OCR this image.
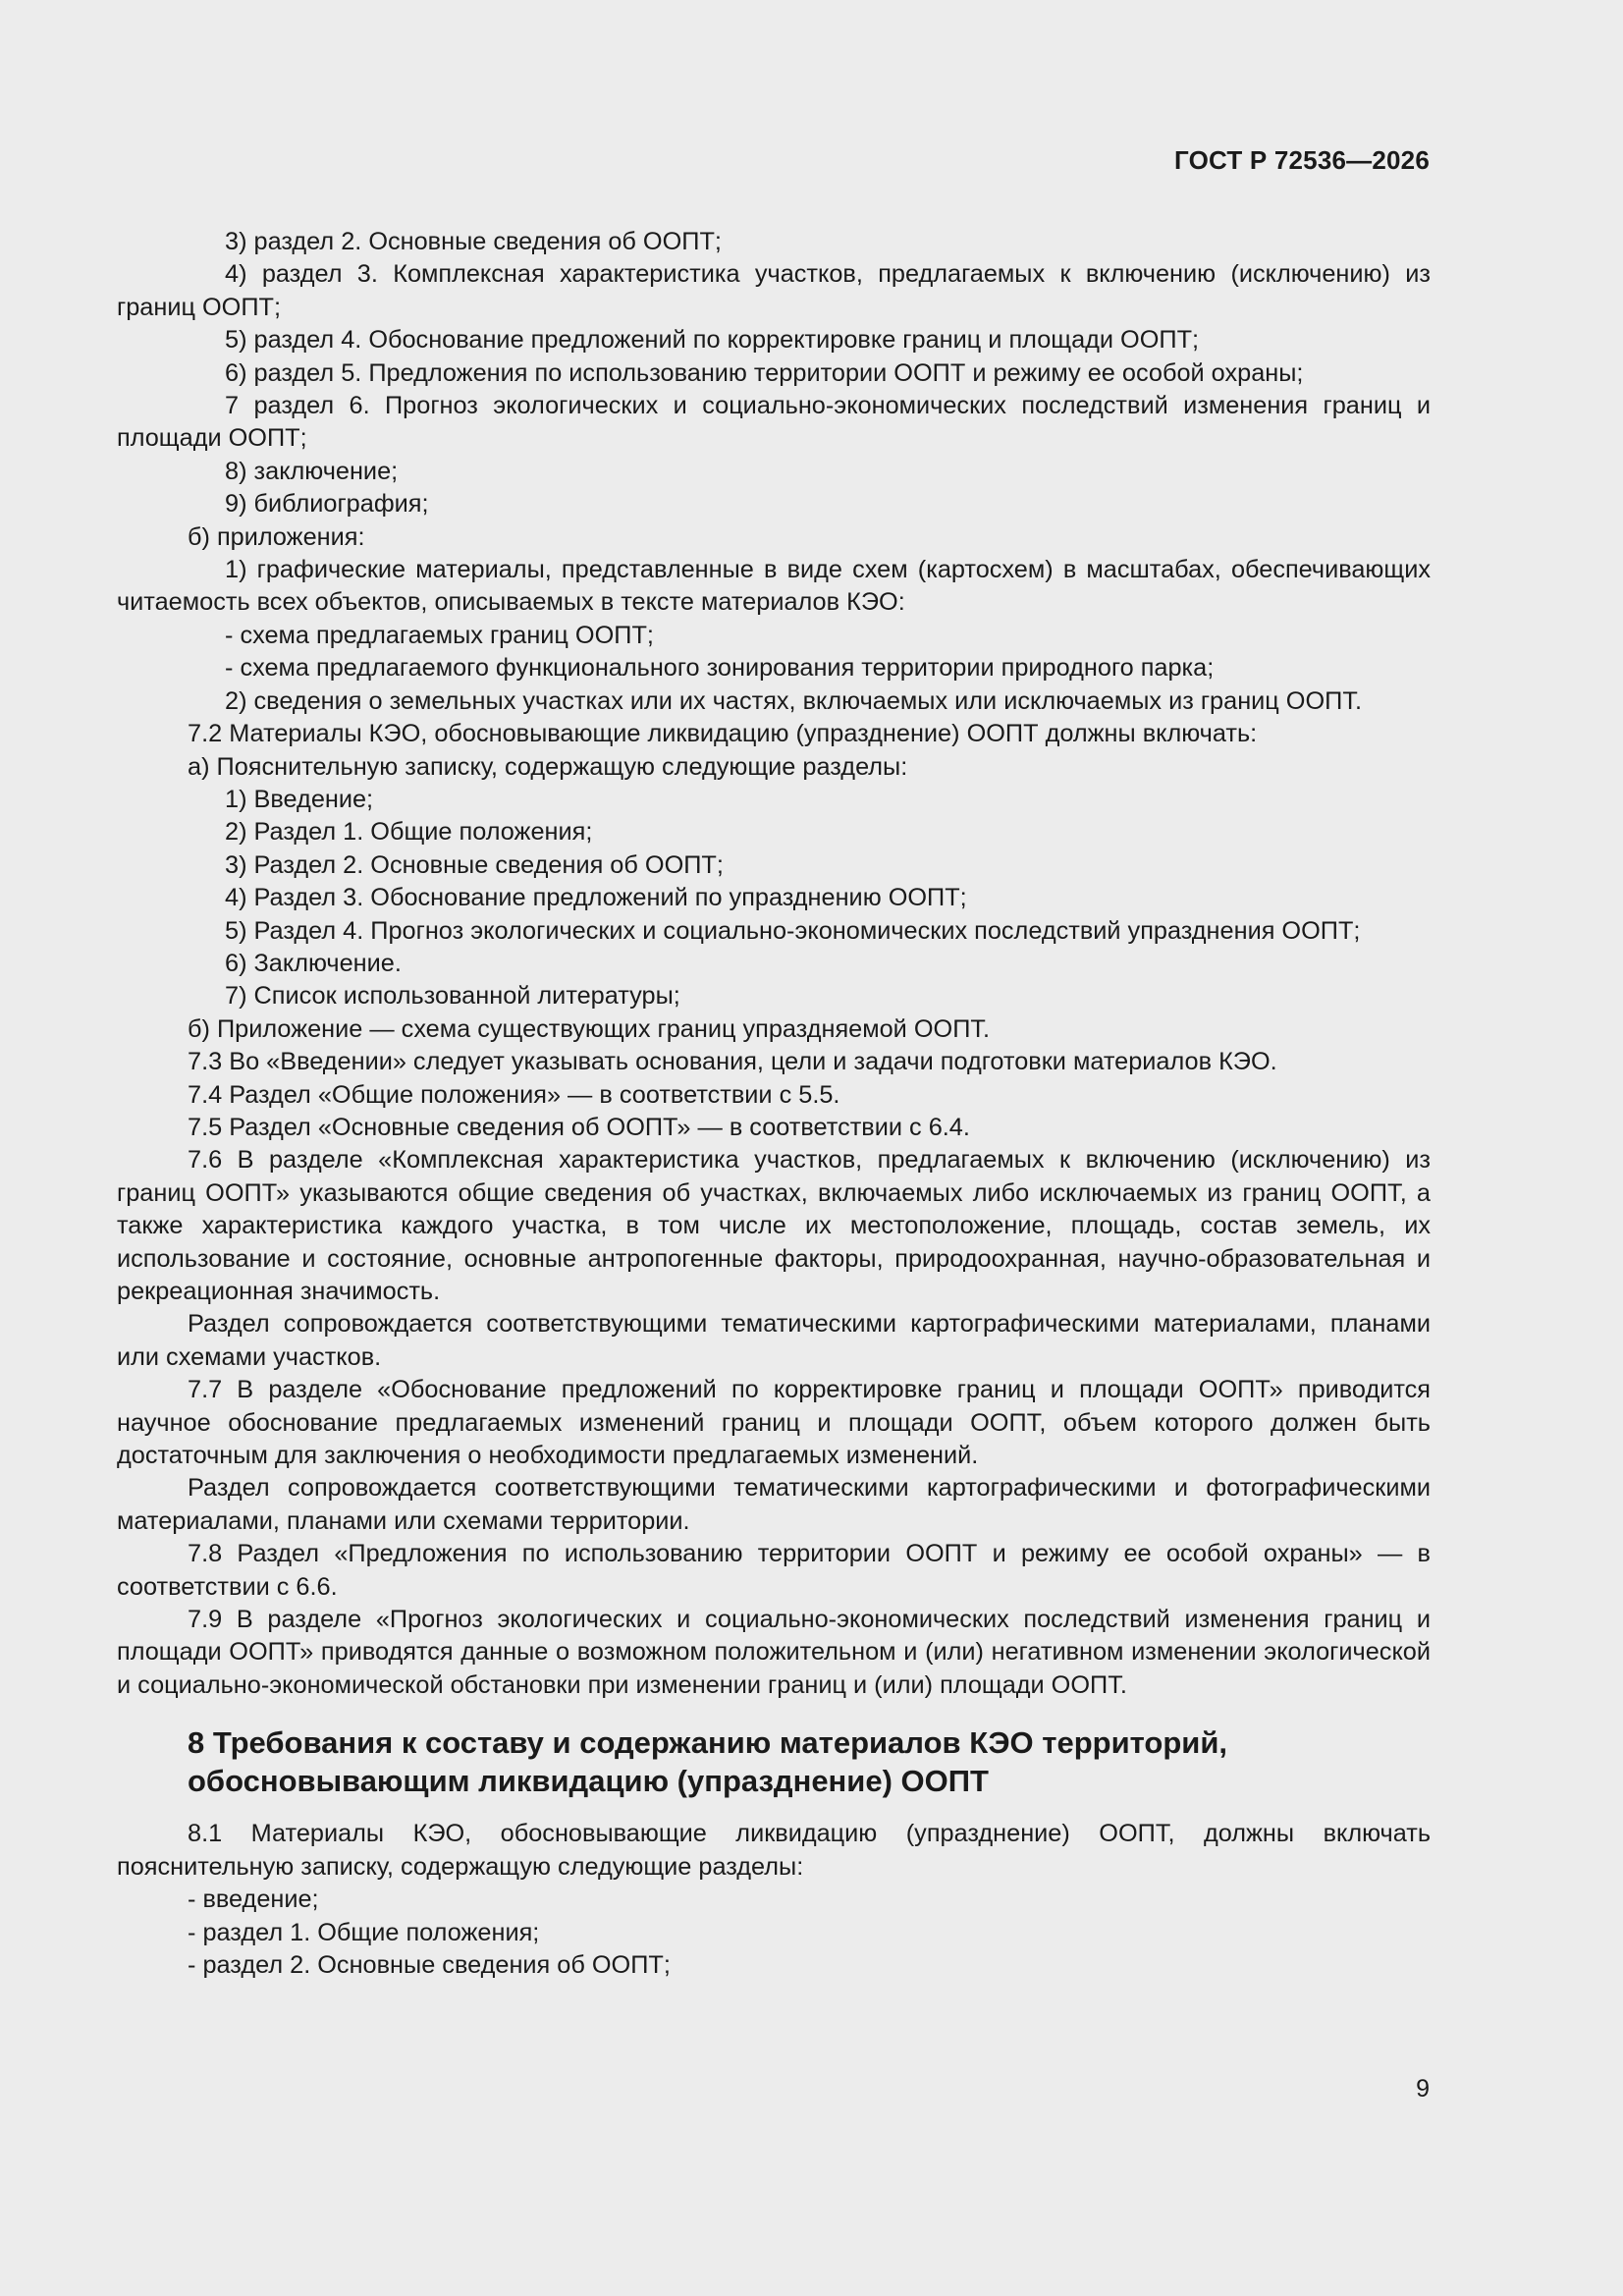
ГОСТ Р 72536—2026

3) раздел 2. Основные сведения об ООПТ;

4) раздел 3. Комплексная характеристика участков, предлагаемых к включению (исключению) из границ ООПТ;

5) раздел 4. Обоснование предложений по корректировке границ и площади ООПТ;

6) раздел 5. Предложения по использованию территории ООПТ и режиму ее особой охраны;

7 раздел 6. Прогноз экологических и социально-экономических последствий изменения границ и площади ООПТ;

8) заключение;

9) библиография;

б) приложения:

1) графические материалы, представленные в виде схем (картосхем) в масштабах, обеспечивающих читаемость всех объектов, описываемых в тексте материалов КЭО:

- схема предлагаемых границ ООПТ;

- схема предлагаемого функционального зонирования территории природного парка;

2) сведения о земельных участках или их частях, включаемых или исключаемых из границ ООПТ.

7.2 Материалы КЭО, обосновывающие ликвидацию (упразднение) ООПТ должны включать:

а) Пояснительную записку, содержащую следующие разделы:

1) Введение;

2) Раздел 1. Общие положения;

3) Раздел 2. Основные сведения об ООПТ;

4) Раздел 3. Обоснование предложений по упразднению ООПТ;

5) Раздел 4. Прогноз экологических и социально-экономических последствий упразднения ООПТ;

6) Заключение.

7) Список использованной литературы;

б) Приложение — схема существующих границ упраздняемой ООПТ.

7.3 Во «Введении» следует указывать основания, цели и задачи подготовки материалов КЭО.

7.4 Раздел «Общие положения» — в соответствии с 5.5.

7.5 Раздел «Основные сведения об ООПТ» — в соответствии с 6.4.

7.6 В разделе «Комплексная характеристика участков, предлагаемых к включению (исключению) из границ ООПТ» указываются общие сведения об участках, включаемых либо исключаемых из границ ООПТ, а также характеристика каждого участка, в том числе их местоположение, площадь, состав земель, их использование и состояние, основные антропогенные факторы, природоохранная, научно-образовательная и рекреационная значимость.

Раздел сопровождается соответствующими тематическими картографическими материалами, планами или схемами участков.

7.7 В разделе «Обоснование предложений по корректировке границ и площади ООПТ» приводится научное обоснование предлагаемых изменений границ и площади ООПТ, объем которого должен быть достаточным для заключения о необходимости предлагаемых изменений.

Раздел сопровождается соответствующими тематическими картографическими и фотографическими материалами, планами или схемами территории.

7.8 Раздел «Предложения по использованию территории ООПТ и режиму ее особой охраны» — в соответствии с 6.6.

7.9 В разделе «Прогноз экологических и социально-экономических последствий изменения границ и площади ООПТ» приводятся данные о возможном положительном и (или) негативном изменении экологической и социально-экономической обстановки при изменении границ и (или) площади ООПТ.

8 Требования к составу и содержанию материалов КЭО территорий,
обосновывающим ликвидацию (упразднение) ООПТ

8.1 Материалы КЭО, обосновывающие ликвидацию (упразднение) ООПТ, должны включать пояснительную записку, содержащую следующие разделы:

- введение;

- раздел 1. Общие положения;

- раздел 2. Основные сведения об ООПТ;

9
